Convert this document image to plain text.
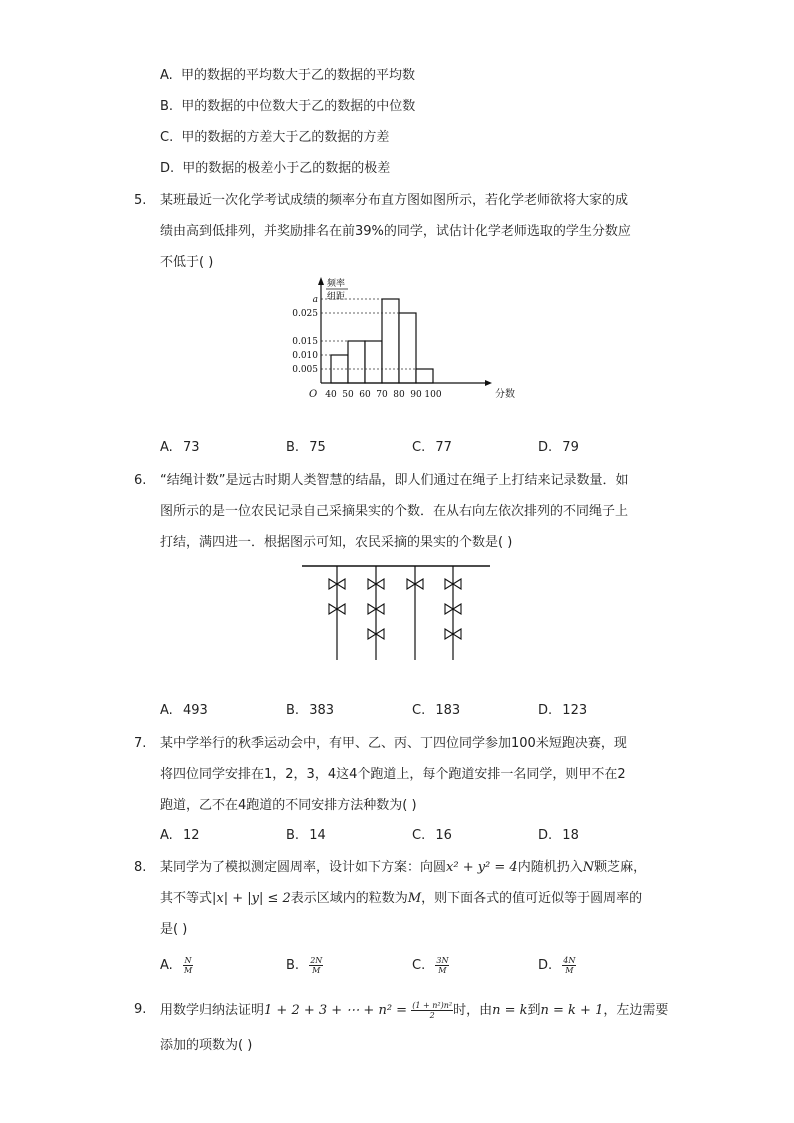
A. 甲的数据的平均数大于乙的数据的平均数
B. 甲的数据的中位数大于乙的数据的中位数
C. 甲的数据的方差大于乙的数据的方差
D. 甲的数据的极差小于乙的数据的极差
5. 某班最近一次化学考试成绩的频率分布直方图如图所示，若化学老师欲将大家的成
绩由高到低排列，并奖励排名在前39%的同学，试估计化学老师选取的学生分数应
不低于( )
0.005
0.010
0.015
0.025
a
40 50 60 70 80 90 100
O	分数
频率
组距
A. 73	B. 75	C. 77	D. 79
6. “结绳计数”是远古时期人类智慧的结晶，即人们通过在绳子上打结来记录数量．如
图所示的是一位农民记录自己采摘果实的个数．在从右向左依次排列的不同绳子上
打结，满四进一．根据图示可知，农民采摘的果实的个数是( )
A. 493	B. 383	C. 183	D. 123
7. 某中学举行的秋季运动会中，有甲、乙、丙、丁四位同学参加100米短跑决赛，现
将四位同学安排在1，2，3，4这4个跑道上，每个跑道安排一名同学，则甲不在2
跑道，乙不在4跑道的不同安排方法种数为( )
A. 12	B. 14	C. 16	D. 18
8. 某同学为了模拟测定圆周率，设计如下方案：向圆x² + y² = 4内随机扔入N颗芝麻，
其不等式|x| + |y| ≤ 2表示区域内的粒数为M，则下面各式的值可近似等于圆周率的
是( )
A. $\frac{N}{M}$	B. $\frac{2N}{M}$	C. $\frac{3N}{M}$	D. $\frac{4N}{M}$
9. 用数学归纳法证明1 + 2 + 3 + ⋯ + $n^2 = \frac{\text{(1 + n²)n²}}{2}$ 时，由n = k到n = k + 1，左边需要
添加的项数为( )
